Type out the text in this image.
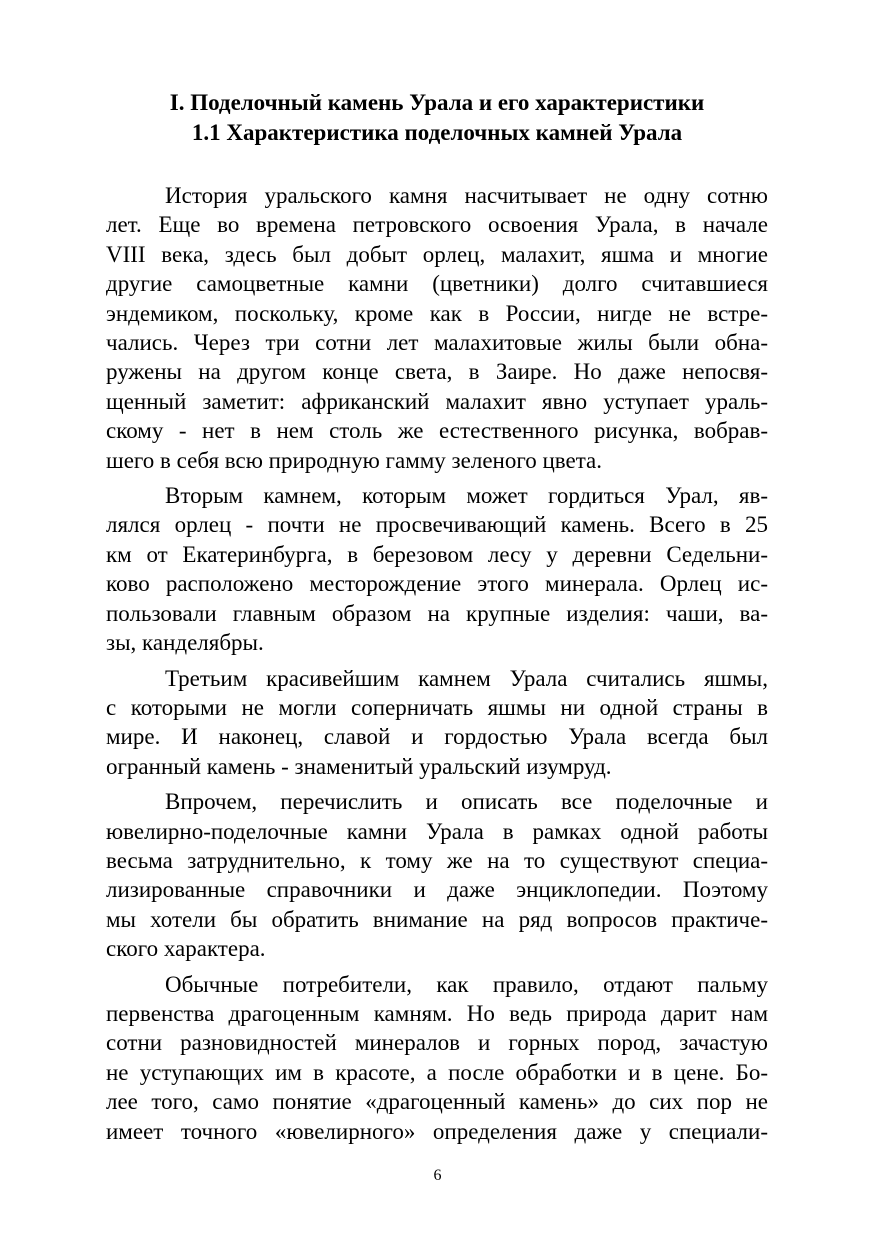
I. Поделочный камень Урала и его характеристики
1.1 Характеристика поделочных камней Урала

История уральского камня насчитывает не одну сотню
лет. Еще во времена петровского освоения Урала, в начале
VIII века, здесь был добыт орлец, малахит, яшма и многие
другие самоцветные камни (цветники) долго считавшиеся
эндемиком, поскольку, кроме как в России, нигде не встре-
чались. Через три сотни лет малахитовые жилы были обна-
ружены на другом конце света, в Заире. Но даже непосвя-
щенный заметит: африканский малахит явно уступает ураль-
скому - нет в нем столь же естественного рисунка, вобрав-
шего в себя всю природную гамму зеленого цвета.

Вторым камнем, которым может гордиться Урал, яв-
лялся орлец - почти не просвечивающий камень. Всего в 25
км от Екатеринбурга, в березовом лесу у деревни Седельни-
ково расположено месторождение этого минерала. Орлец ис-
пользовали главным образом на крупные изделия: чаши, ва-
зы, канделябры.

Третьим красивейшим камнем Урала считались яшмы,
с которыми не могли соперничать яшмы ни одной страны в
мире. И наконец, славой и гордостью Урала всегда был
огранный камень - знаменитый уральский изумруд.

Впрочем, перечислить и описать все поделочные и
ювелирно-поделочные камни Урала в рамках одной работы
весьма затруднительно, к тому же на то существуют специа-
лизированные справочники и даже энциклопедии. Поэтому
мы хотели бы обратить внимание на ряд вопросов практиче-
ского характера.

Обычные потребители, как правило, отдают пальму
первенства драгоценным камням. Но ведь природа дарит нам
сотни разновидностей минералов и горных пород, зачастую
не уступающих им в красоте, а после обработки и в цене. Бо-
лее того, само понятие «драгоценный камень» до сих пор не
имеет точного «ювелирного» определения даже у специали-

6
